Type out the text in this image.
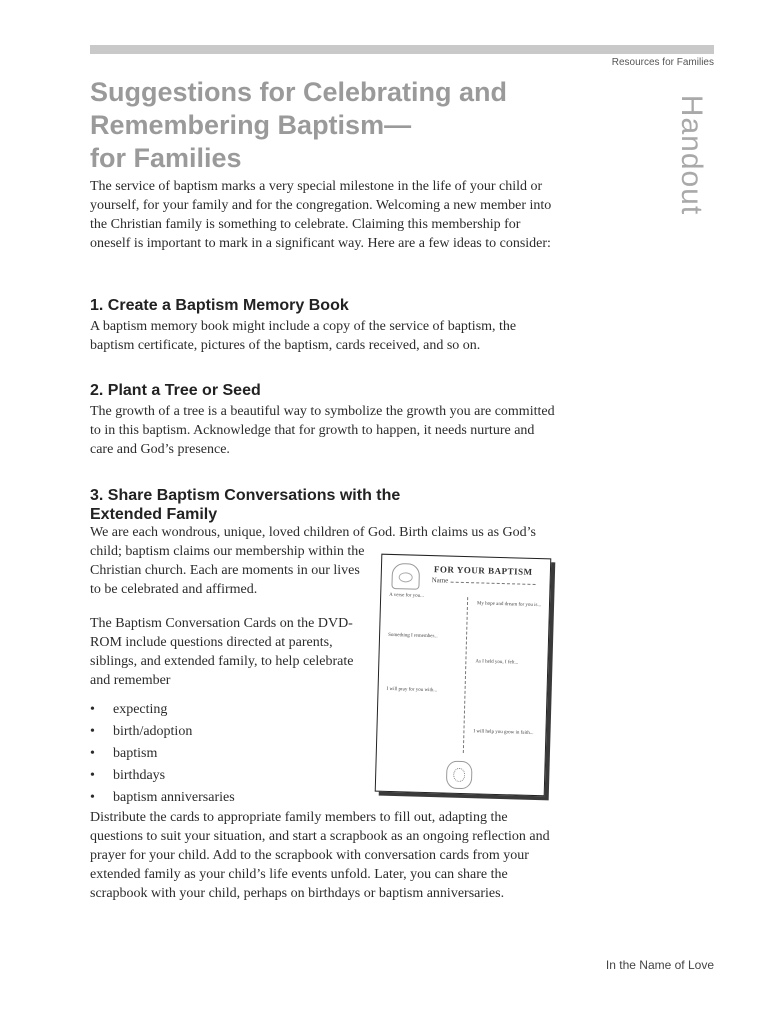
Resources for Families
Handout
Suggestions for Celebrating and
Remembering Baptism—
for Families

The service of baptism marks a very special milestone in the life of your child or yourself, for your family and for the congregation. Welcoming a new member into the Christian family is something to celebrate. Claiming this membership for oneself is important to mark in a significant way. Here are a few ideas to consider:

1. Create a Baptism Memory Book

A baptism memory book might include a copy of the service of baptism, the baptism certificate, pictures of the baptism, cards received, and so on.

2. Plant a Tree or Seed

The growth of a tree is a beautiful way to symbolize the growth you are committed to in this baptism. Acknowledge that for growth to happen, it needs nurture and care and God’s presence.

3. Share Baptism Conversations with the Extended Family

We are each wondrous, unique, loved children of God. Birth claims us as God’s
child; baptism claims our membership within the
Christian church. Each are moments in our lives
to be celebrated and affirmed.

The Baptism Conversation Cards on the DVD-ROM include questions directed at parents, siblings, and extended family, to help celebrate and remember

• expecting
• birth/adoption
• baptism
• birthdays
• baptism anniversaries

Distribute the cards to appropriate family members to fill out, adapting the questions to suit your situation, and start a scrapbook as an ongoing reflection and prayer for your child. Add to the scrapbook with conversation cards from your extended family as your child’s life events unfold. Later, you can share the scrapbook with your child, perhaps on birthdays or baptism anniversaries.

FOR YOUR BAPTISM
Name
A verse for you...
My hope and dream for you is...
Something I remember...
As I held you, I felt...
I will pray for you with...
I will help you grow in faith...
In the Name of Love
